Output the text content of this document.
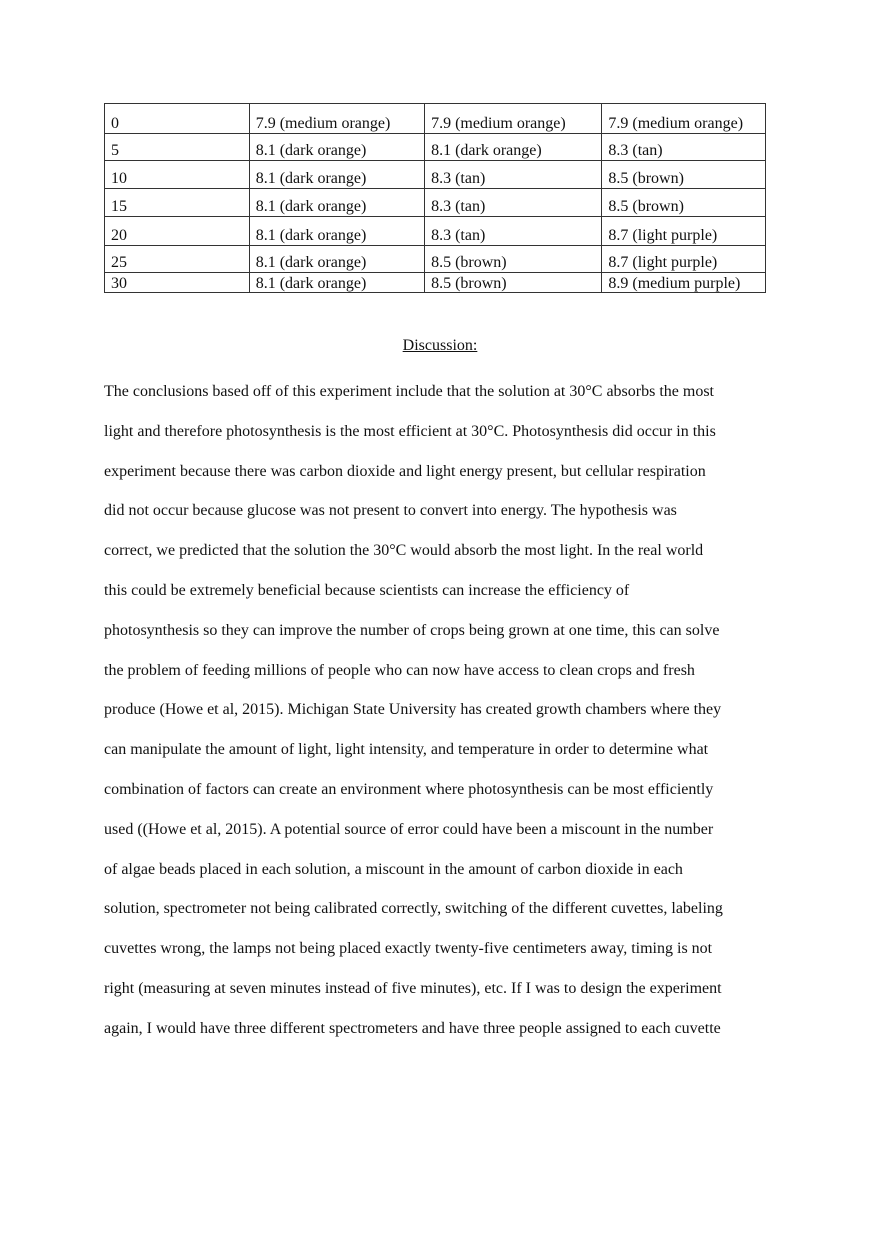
0	7.9 (medium orange)	7.9 (medium orange)	7.9 (medium orange)
5	8.1 (dark orange)	8.1 (dark orange)	8.3 (tan)
10	8.1 (dark orange)	8.3 (tan)	8.5 (brown)
15	8.1 (dark orange)	8.3 (tan)	8.5 (brown)
20	8.1 (dark orange)	8.3 (tan)	8.7 (light purple)
25	8.1 (dark orange)	8.5 (brown)	8.7 (light purple)
30	8.1 (dark orange)	8.5 (brown)	8.9 (medium purple)
Discussion:
The conclusions based off of this experiment include that the solution at 30°C absorbs the most
light and therefore photosynthesis is the most efficient at 30°C. Photosynthesis did occur in this
experiment because there was carbon dioxide and light energy present, but cellular respiration
did not occur because glucose was not present to convert into energy. The hypothesis was
correct, we predicted that the solution the 30°C would absorb the most light. In the real world
this could be extremely beneficial because scientists can increase the efficiency of
photosynthesis so they can improve the number of crops being grown at one time, this can solve
the problem of feeding millions of people who can now have access to clean crops and fresh
produce (Howe et al, 2015). Michigan State University has created growth chambers where they
can manipulate the amount of light, light intensity, and temperature in order to determine what
combination of factors can create an environment where photosynthesis can be most efficiently
used ((Howe et al, 2015). A potential source of error could have been a miscount in the number
of algae beads placed in each solution, a miscount in the amount of carbon dioxide in each
solution, spectrometer not being calibrated correctly, switching of the different cuvettes, labeling
cuvettes wrong, the lamps not being placed exactly twenty-five centimeters away, timing is not
right (measuring at seven minutes instead of five minutes), etc. If I was to design the experiment
again, I would have three different spectrometers and have three people assigned to each cuvette
